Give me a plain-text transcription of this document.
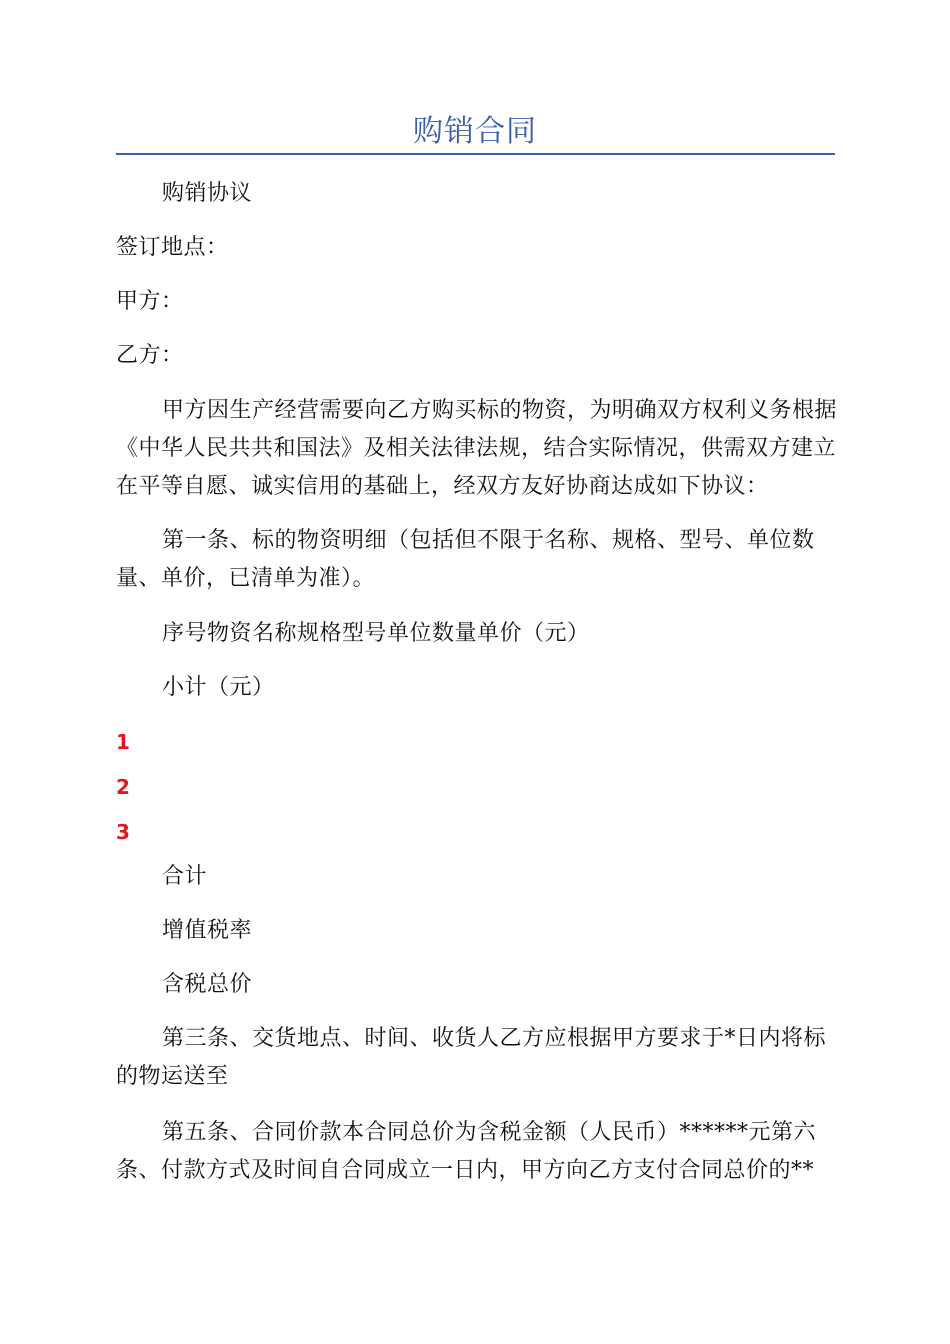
购销合同
购销协议
签订地点：
甲方：
乙方：
甲方因生产经营需要向乙方购买标的物资，为明确双方权利义务根据
《中华人民共共和国法》及相关法律法规，结合实际情况，供需双方建立
在平等自愿、诚实信用的基础上，经双方友好协商达成如下协议：
第一条、标的物资明细（包括但不限于名称、规格、型号、单位数
量、单价，已清单为准）。
序号物资名称规格型号单位数量单价（元）
小计（元）
1
2
3
合计
增值税率
含税总价
第三条、交货地点、时间、收货人乙方应根据甲方要求于*日内将标
的物运送至
第五条、合同价款本合同总价为含税金额（人民币）******元第六
条、付款方式及时间自合同成立一日内，甲方向乙方支付合同总价的**
